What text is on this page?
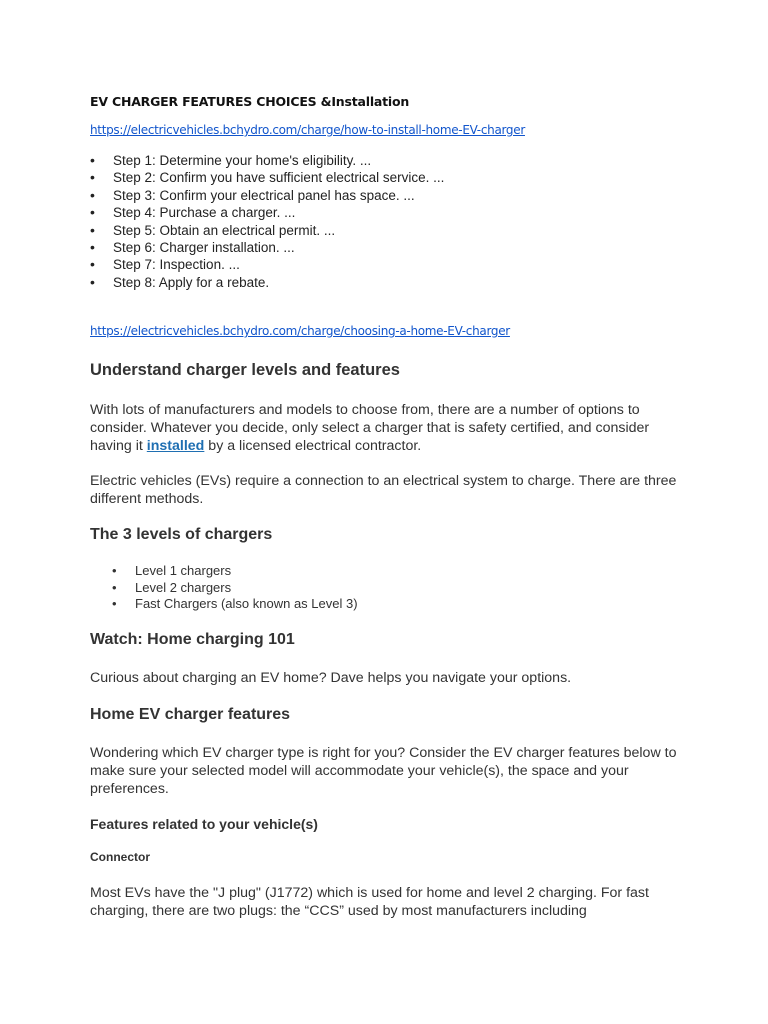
EV CHARGER FEATURES CHOICES &Installation
https://electricvehicles.bchydro.com/charge/how-to-install-home-EV-charger
• Step 1: Determine your home's eligibility. ...
• Step 2: Confirm you have sufficient electrical service. ...
• Step 3: Confirm your electrical panel has space. ...
• Step 4: Purchase a charger. ...
• Step 5: Obtain an electrical permit. ...
• Step 6: Charger installation. ...
• Step 7: Inspection. ...
• Step 8: Apply for a rebate.
https://electricvehicles.bchydro.com/charge/choosing-a-home-EV-charger
Understand charger levels and features

With lots of manufacturers and models to choose from, there are a number of options to consider. Whatever you decide, only select a charger that is safety certified, and consider having it installed by a licensed electrical contractor.

Electric vehicles (EVs) require a connection to an electrical system to charge. There are three different methods.

The 3 levels of chargers
• Level 1 chargers
• Level 2 chargers
• Fast Chargers (also known as Level 3)
Watch: Home charging 101

Curious about charging an EV home? Dave helps you navigate your options.

Home EV charger features

Wondering which EV charger type is right for you? Consider the EV charger features below to make sure your selected model will accommodate your vehicle(s), the space and your preferences.

Features related to your vehicle(s)
Connector

Most EVs have the "J plug" (J1772) which is used for home and level 2 charging. For fast charging, there are two plugs: the “CCS” used by most manufacturers including
